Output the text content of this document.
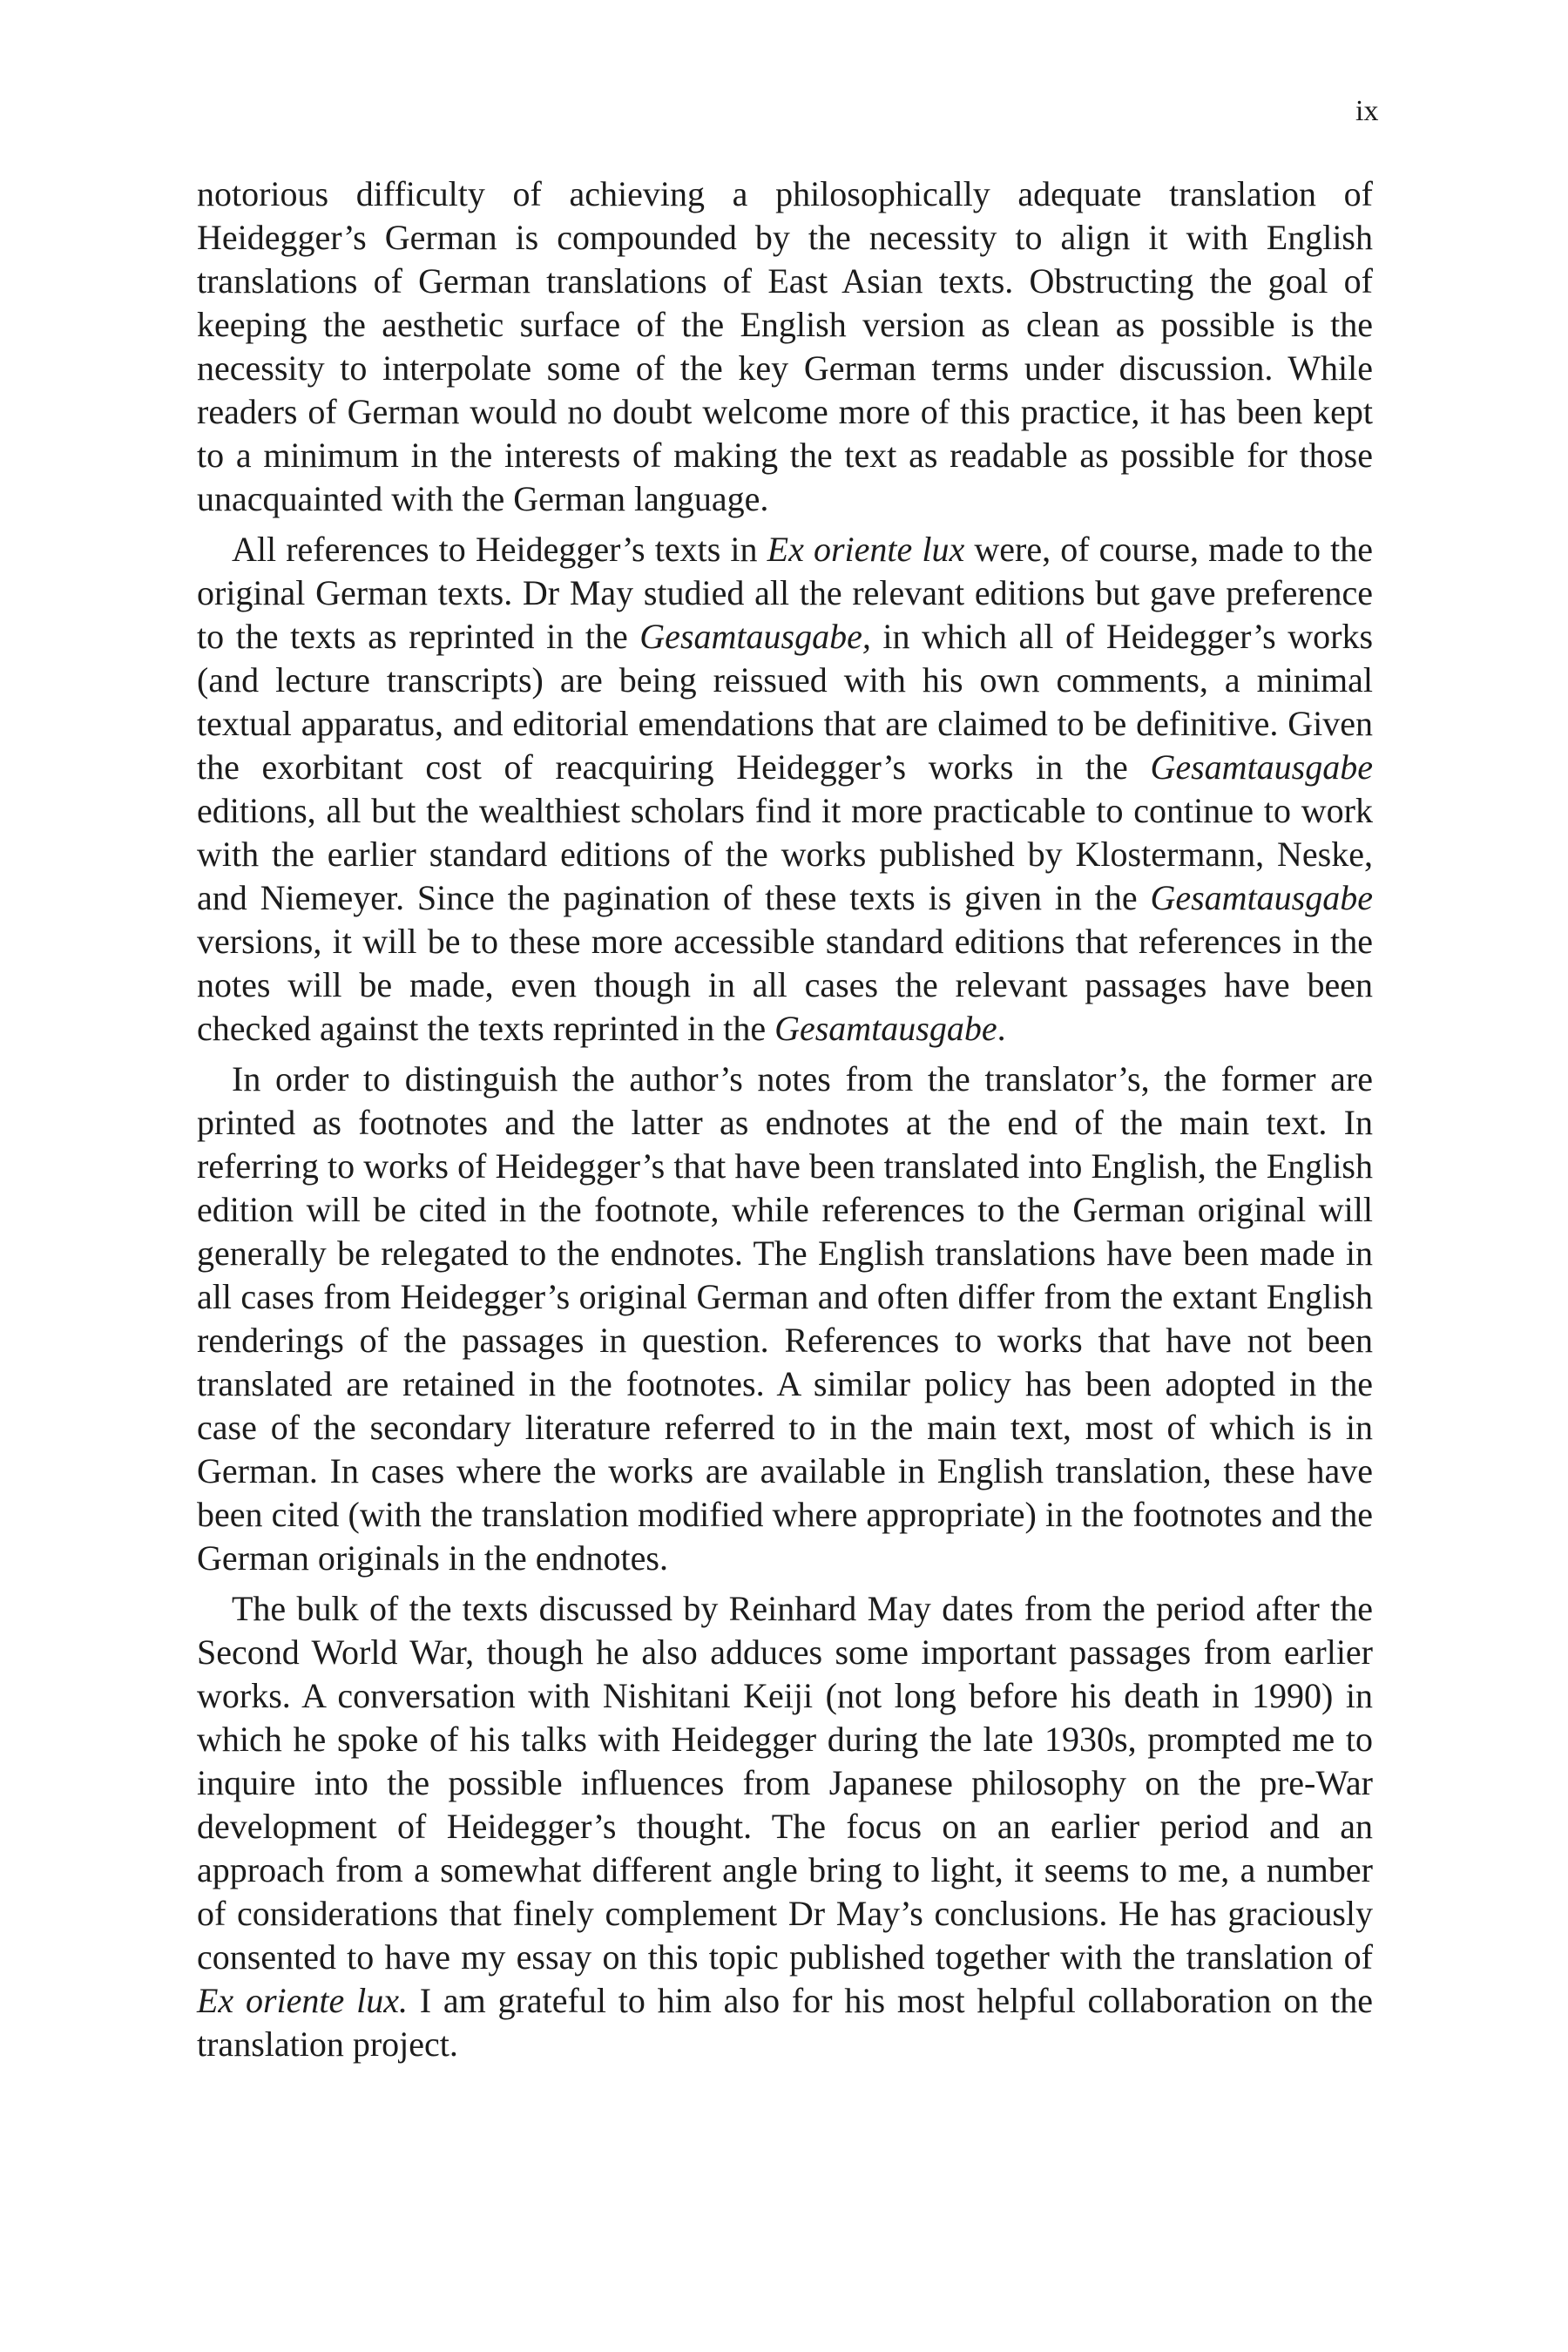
ix

notorious difficulty of achieving a philosophically adequate translation of Heidegger’s German is compounded by the necessity to align it with English translations of German translations of East Asian texts. Obstructing the goal of keeping the aesthetic surface of the English version as clean as possible is the necessity to interpolate some of the key German terms under discussion. While readers of German would no doubt welcome more of this practice, it has been kept to a minimum in the interests of making the text as readable as possible for those unacquainted with the German language.

All references to Heidegger’s texts in Ex oriente lux were, of course, made to the original German texts. Dr May studied all the relevant editions but gave preference to the texts as reprinted in the Gesamtausgabe, in which all of Heidegger’s works (and lecture transcripts) are being reissued with his own comments, a minimal textual apparatus, and editorial emendations that are claimed to be definitive. Given the exorbitant cost of reacquiring Heidegger’s works in the Gesamtausgabe editions, all but the wealthiest scholars find it more practicable to continue to work with the earlier standard editions of the works published by Klostermann, Neske, and Niemeyer. Since the pagination of these texts is given in the Gesamtausgabe versions, it will be to these more accessible standard editions that references in the notes will be made, even though in all cases the relevant passages have been checked against the texts reprinted in the Gesamtausgabe.

In order to distinguish the author’s notes from the translator’s, the former are printed as footnotes and the latter as endnotes at the end of the main text. In referring to works of Heidegger’s that have been translated into English, the English edition will be cited in the footnote, while references to the German original will generally be relegated to the endnotes. The English translations have been made in all cases from Heidegger’s original German and often differ from the extant English renderings of the passages in question. References to works that have not been translated are retained in the footnotes. A similar policy has been adopted in the case of the secondary literature referred to in the main text, most of which is in German. In cases where the works are available in English translation, these have been cited (with the translation modified where appropriate) in the footnotes and the German originals in the endnotes.

The bulk of the texts discussed by Reinhard May dates from the period after the Second World War, though he also adduces some important passages from earlier works. A conversation with Nishitani Keiji (not long before his death in 1990) in which he spoke of his talks with Heidegger during the late 1930s, prompted me to inquire into the possible influences from Japanese philosophy on the pre-War development of Heidegger’s thought. The focus on an earlier period and an approach from a somewhat different angle bring to light, it seems to me, a number of considerations that finely complement Dr May’s conclusions. He has graciously consented to have my essay on this topic published together with the translation of Ex oriente lux. I am grateful to him also for his most helpful collaboration on the translation project.
